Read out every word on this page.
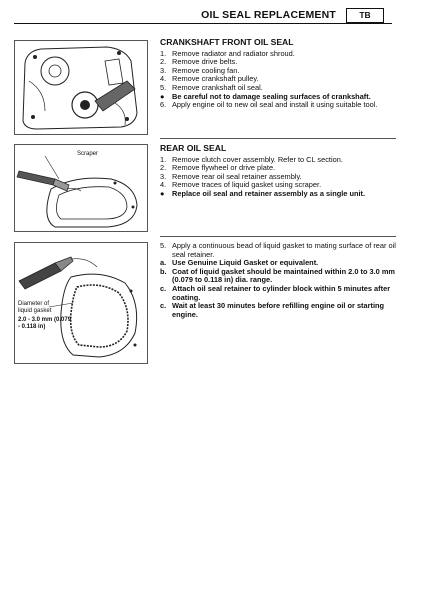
OIL SEAL REPLACEMENT	TB
CRANKSHAFT FRONT OIL SEAL
1. Remove radiator and radiator shroud.
2. Remove drive belts.
3. Remove cooling fan.
4. Remove crankshaft pulley.
5. Remove crankshaft oil seal.
● Be careful not to damage sealing surfaces of crankshaft.
6. Apply engine oil to new oil seal and install it using suitable tool.
Scraper
REAR OIL SEAL
1. Remove clutch cover assembly. Refer to CL section.
2. Remove flywheel or drive plate.
3. Remove rear oil seal retainer assembly.
4. Remove traces of liquid gasket using scraper.
● Replace oil seal and retainer assembly as a single unit.
Diameter of liquid gasket
2.0 - 3.0 mm (0.079 - 0.118 in)
5. Apply a continuous bead of liquid gasket to mating surface of rear oil seal retainer.
a. Use Genuine Liquid Gasket or equivalent.
b. Coat of liquid gasket should be maintained within 2.0 to 3.0 mm (0.079 to 0.118 in) dia. range.
c. Attach oil seal retainer to cylinder block within 5 minutes after coating.
c. Wait at least 30 minutes before refilling engine oil or starting engine.
